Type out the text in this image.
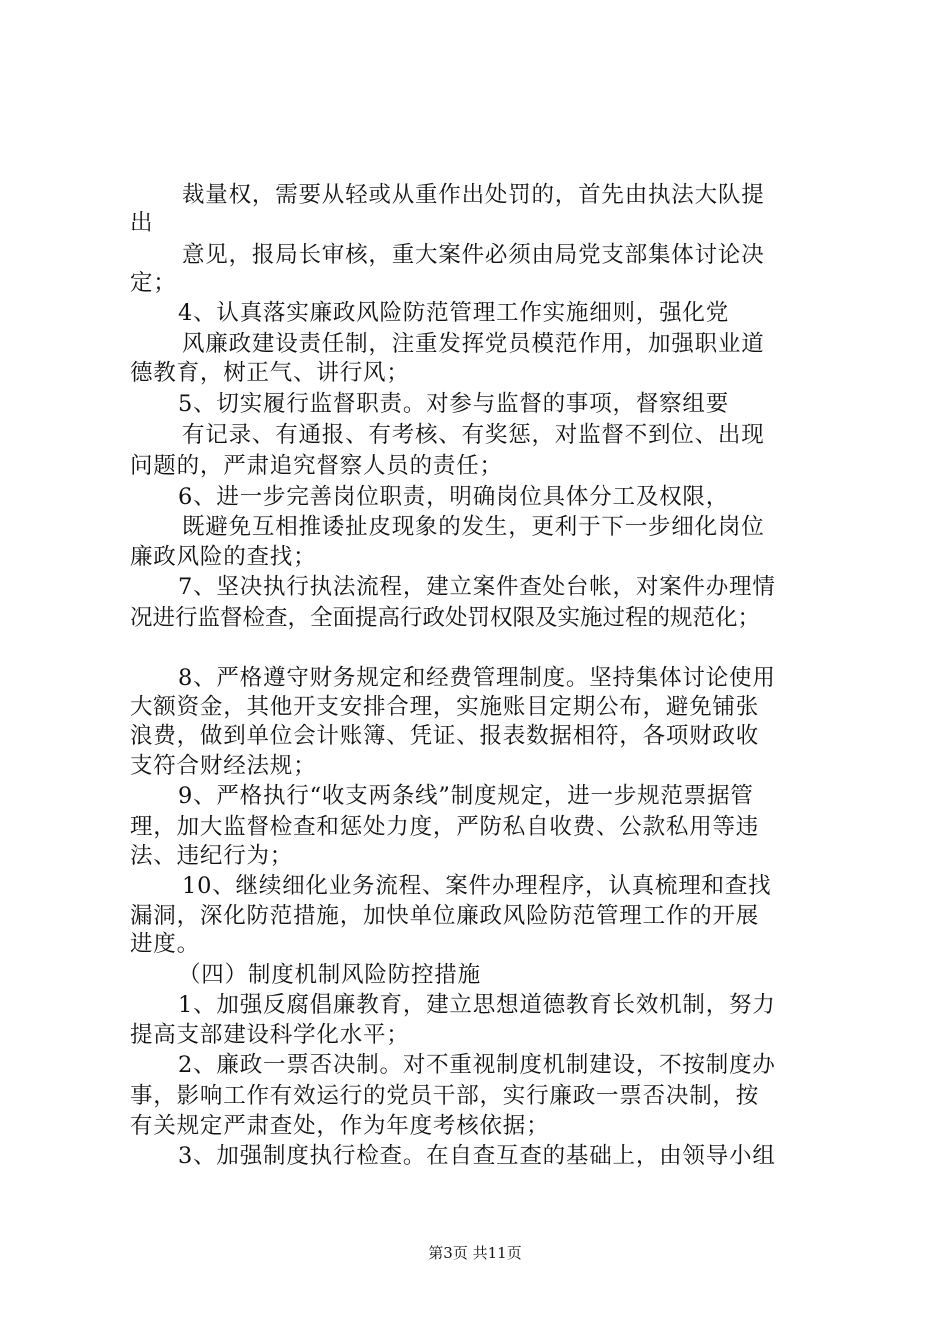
裁量权，需要从轻或从重作出处罚的，首先由执法大队提
出
意见，报局长审核，重大案件必须由局党支部集体讨论决
定；
4、认真落实廉政风险防范管理工作实施细则，强化党
风廉政建设责任制，注重发挥党员模范作用，加强职业道
德教育，树正气、讲行风；
5、切实履行监督职责。对参与监督的事项，督察组要
有记录、有通报、有考核、有奖惩，对监督不到位、出现
问题的，严肃追究督察人员的责任；
6、进一步完善岗位职责，明确岗位具体分工及权限，
既避免互相推诿扯皮现象的发生，更利于下一步细化岗位
廉政风险的查找；
7、坚决执行执法流程，建立案件查处台帐，对案件办理情
况进行监督检查，全面提高行政处罚权限及实施过程的规范化；
8、严格遵守财务规定和经费管理制度。坚持集体讨论使用
大额资金，其他开支安排合理，实施账目定期公布，避免铺张
浪费，做到单位会计账簿、凭证、报表数据相符，各项财政收
支符合财经法规；
9、严格执行“收支两条线”制度规定，进一步规范票据管
理，加大监督检查和惩处力度，严防私自收费、公款私用等违
法、违纪行为；
10、继续细化业务流程、案件办理程序，认真梳理和查找
漏洞，深化防范措施，加快单位廉政风险防范管理工作的开展
进度。
（四）制度机制风险防控措施
1、加强反腐倡廉教育，建立思想道德教育长效机制，努力
提高支部建设科学化水平；
2、廉政一票否决制。对不重视制度机制建设，不按制度办
事，影响工作有效运行的党员干部，实行廉政一票否决制，按
有关规定严肃查处，作为年度考核依据；
3、加强制度执行检查。在自查互查的基础上，由领导小组
第3页 共11页
